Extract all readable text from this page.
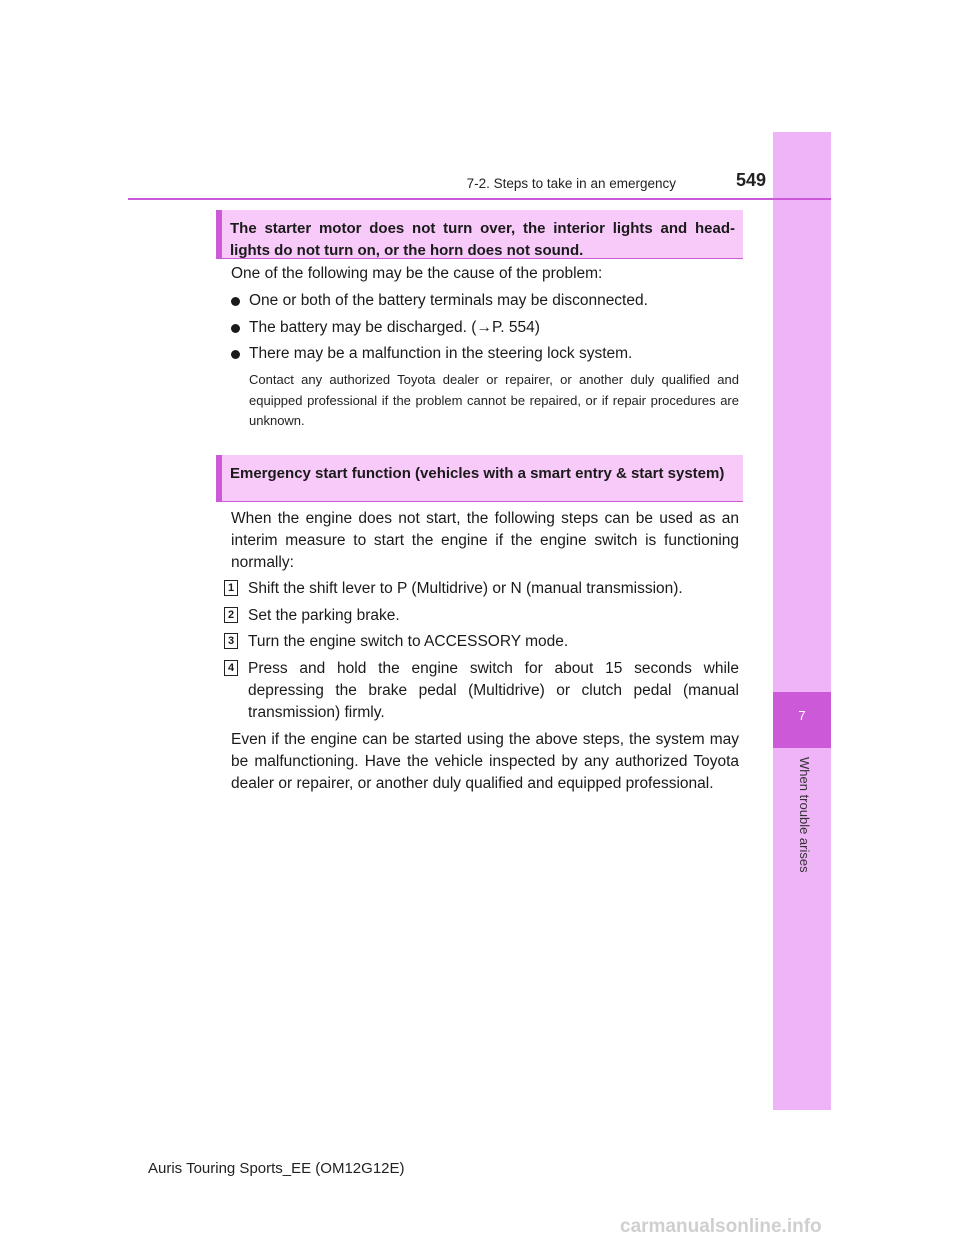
7
When trouble arises
7-2. Steps to take in an emergency	549
The starter motor does not turn over, the interior lights and head-lights do not turn on, or the horn does not sound.
One of the following may be the cause of the problem:
One or both of the battery terminals may be disconnected.
The battery may be discharged. (→P. 554)
There may be a malfunction in the steering lock system.
Contact any authorized Toyota dealer or repairer, or another duly qualified and equipped professional if the problem cannot be repaired, or if repair procedures are unknown.
Emergency start function (vehicles with a smart entry & start system)
When the engine does not start, the following steps can be used as an interim measure to start the engine if the engine switch is functioning normally:
1 Shift the shift lever to P (Multidrive) or N (manual transmission).
2 Set the parking brake.
3 Turn the engine switch to ACCESSORY mode.
4 Press and hold the engine switch for about 15 seconds while depressing the brake pedal (Multidrive) or clutch pedal (manual transmission) firmly.
Even if the engine can be started using the above steps, the system may be malfunctioning. Have the vehicle inspected by any authorized Toyota dealer or repairer, or another duly qualified and equipped professional.
Auris Touring Sports_EE (OM12G12E)
carmanualsonline.info
